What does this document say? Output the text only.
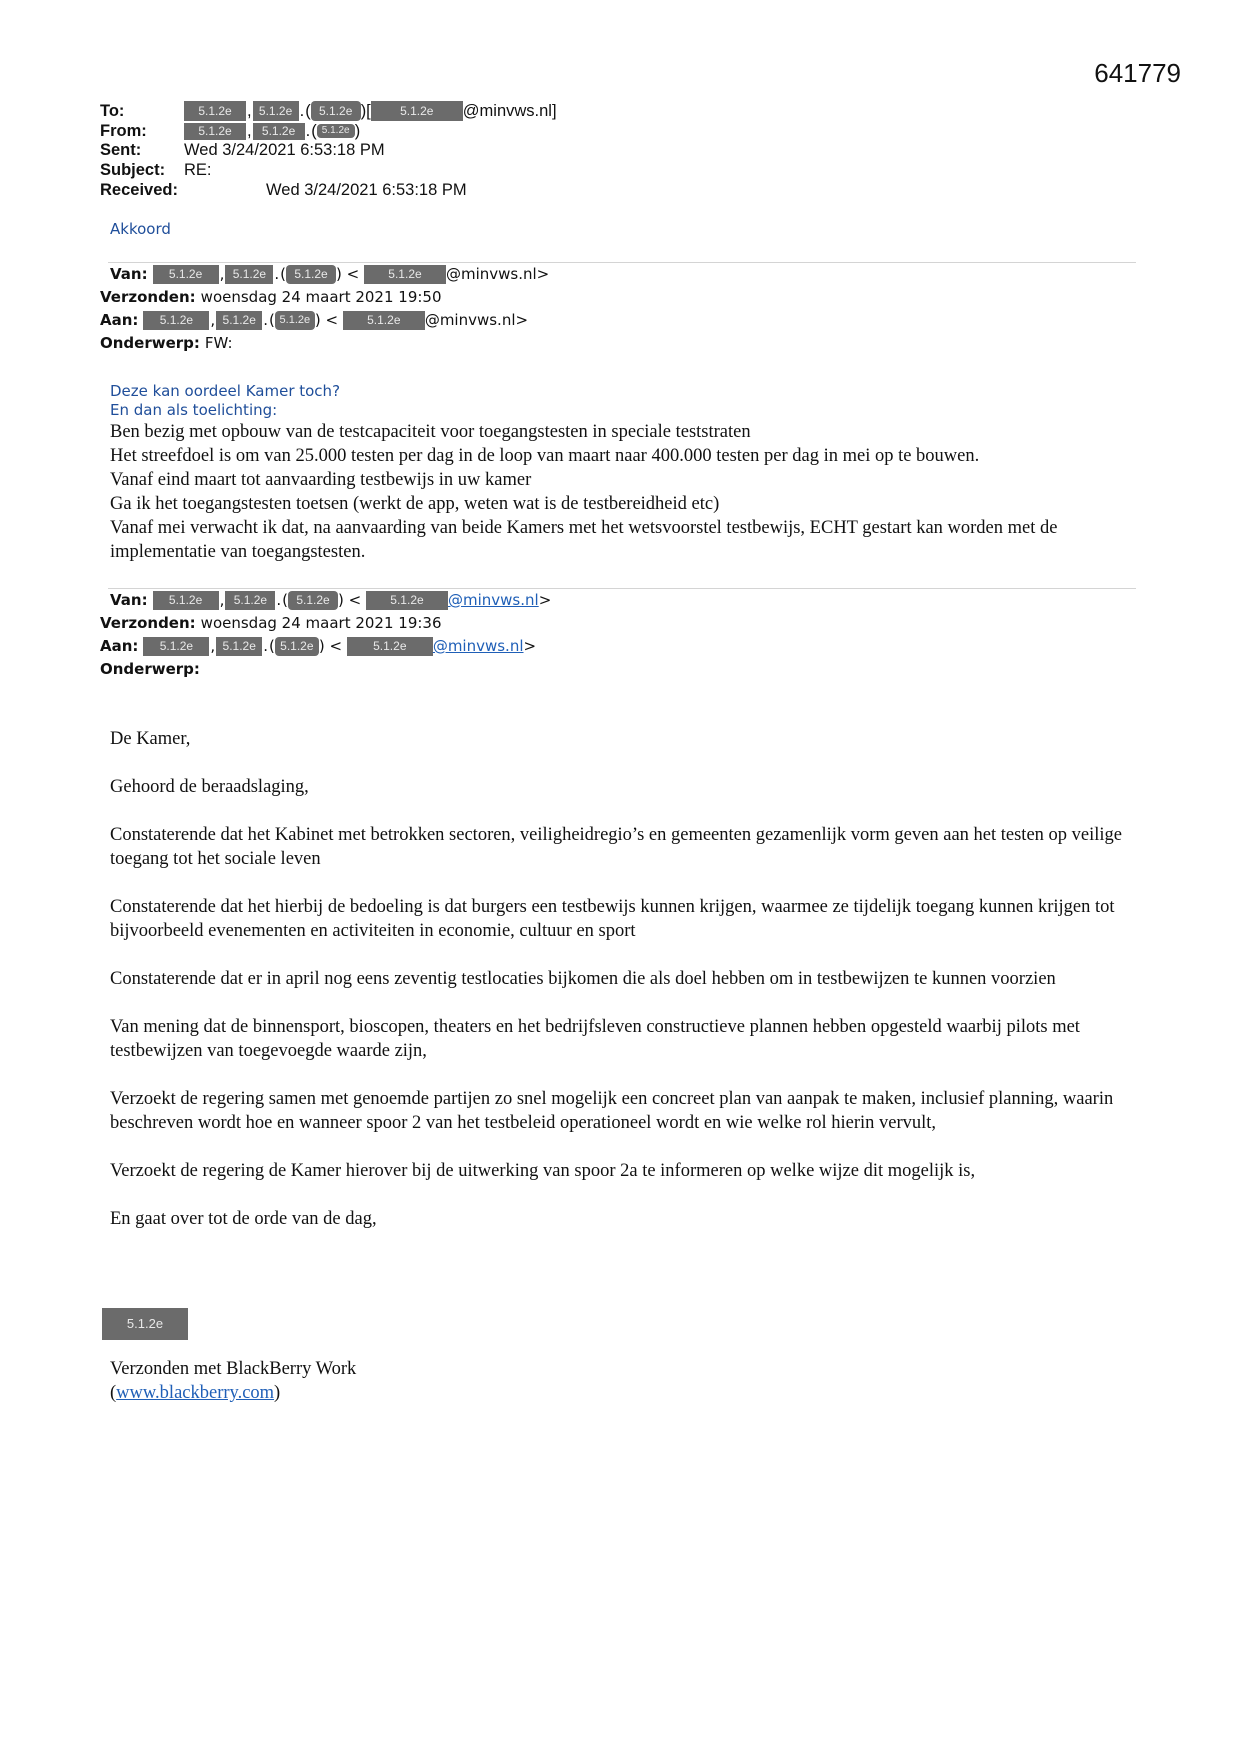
641779
To:	5.1.2e , 5.1.2e . ( 5.1.2e )[	5.1.2e	@minvws.nl]
From:	5.1.2e , 5.1.2e . ( 5.1.2e )
Sent:	Wed 3/24/2021 6:53:18 PM
Subject:	RE:
Received:	Wed 3/24/2021 6:53:18 PM
Akkoord
Van:	5.1.2e	, 5.1.2e . ( 5.1.2e ) <	5.1.2e	@minvws.nl>
Verzonden: woensdag 24 maart 2021 19:50
Aan:	5.1.2e	, 5.1.2e . ( 5.1.2e ) <	5.1.2e	@minvws.nl>
Onderwerp: FW:
Deze kan oordeel Kamer toch?
En dan als toelichting:

Ben bezig met opbouw van de testcapaciteit voor toegangstesten in speciale teststraten

Het streefdoel is om van 25.000 testen per dag in de loop van maart naar 400.000 testen per dag in mei op te bouwen.

Vanaf eind maart tot aanvaarding testbewijs in uw kamer

Ga ik het toegangstesten toetsen (werkt de app, weten wat is de testbereidheid etc)

Vanaf mei verwacht ik dat, na aanvaarding van beide Kamers met het wetsvoorstel testbewijs, ECHT gestart kan worden met de implementatie van toegangstesten.

Van:	5.1.2e	, 5.1.2e . ( 5.1.2e ) <	5.1.2e	@minvws.nl >
Verzonden: woensdag 24 maart 2021 19:36
Aan:	5.1.2e	, 5.1.2e . ( 5.1.2e ) <	5.1.2e	@minvws.nl >
Onderwerp:

De Kamer,

Gehoord de beraadslaging,

Constaterende dat het Kabinet met betrokken sectoren, veiligheidregio’s en gemeenten gezamenlijk vorm geven aan het testen op veilige toegang tot het sociale leven

Constaterende dat het hierbij de bedoeling is dat burgers een testbewijs kunnen krijgen, waarmee ze tijdelijk toegang kunnen krijgen tot bijvoorbeeld evenementen en activiteiten in economie, cultuur en sport

Constaterende dat er in april nog eens zeventig testlocaties bijkomen die als doel hebben om in testbewijzen te kunnen voorzien

Van mening dat de binnensport, bioscopen, theaters en het bedrijfsleven constructieve plannen hebben opgesteld waarbij pilots met testbewijzen van toegevoegde waarde zijn,

Verzoekt de regering samen met genoemde partijen zo snel mogelijk een concreet plan van aanpak te maken, inclusief planning, waarin beschreven wordt hoe en wanneer spoor 2 van het testbeleid operationeel wordt en wie welke rol hierin vervult,

Verzoekt de regering de Kamer hierover bij de uitwerking van spoor 2a te informeren op welke wijze dit mogelijk is,

En gaat over tot de orde van de dag,

5.1.2e

Verzonden met BlackBerry Work

(www.blackberry.com)
